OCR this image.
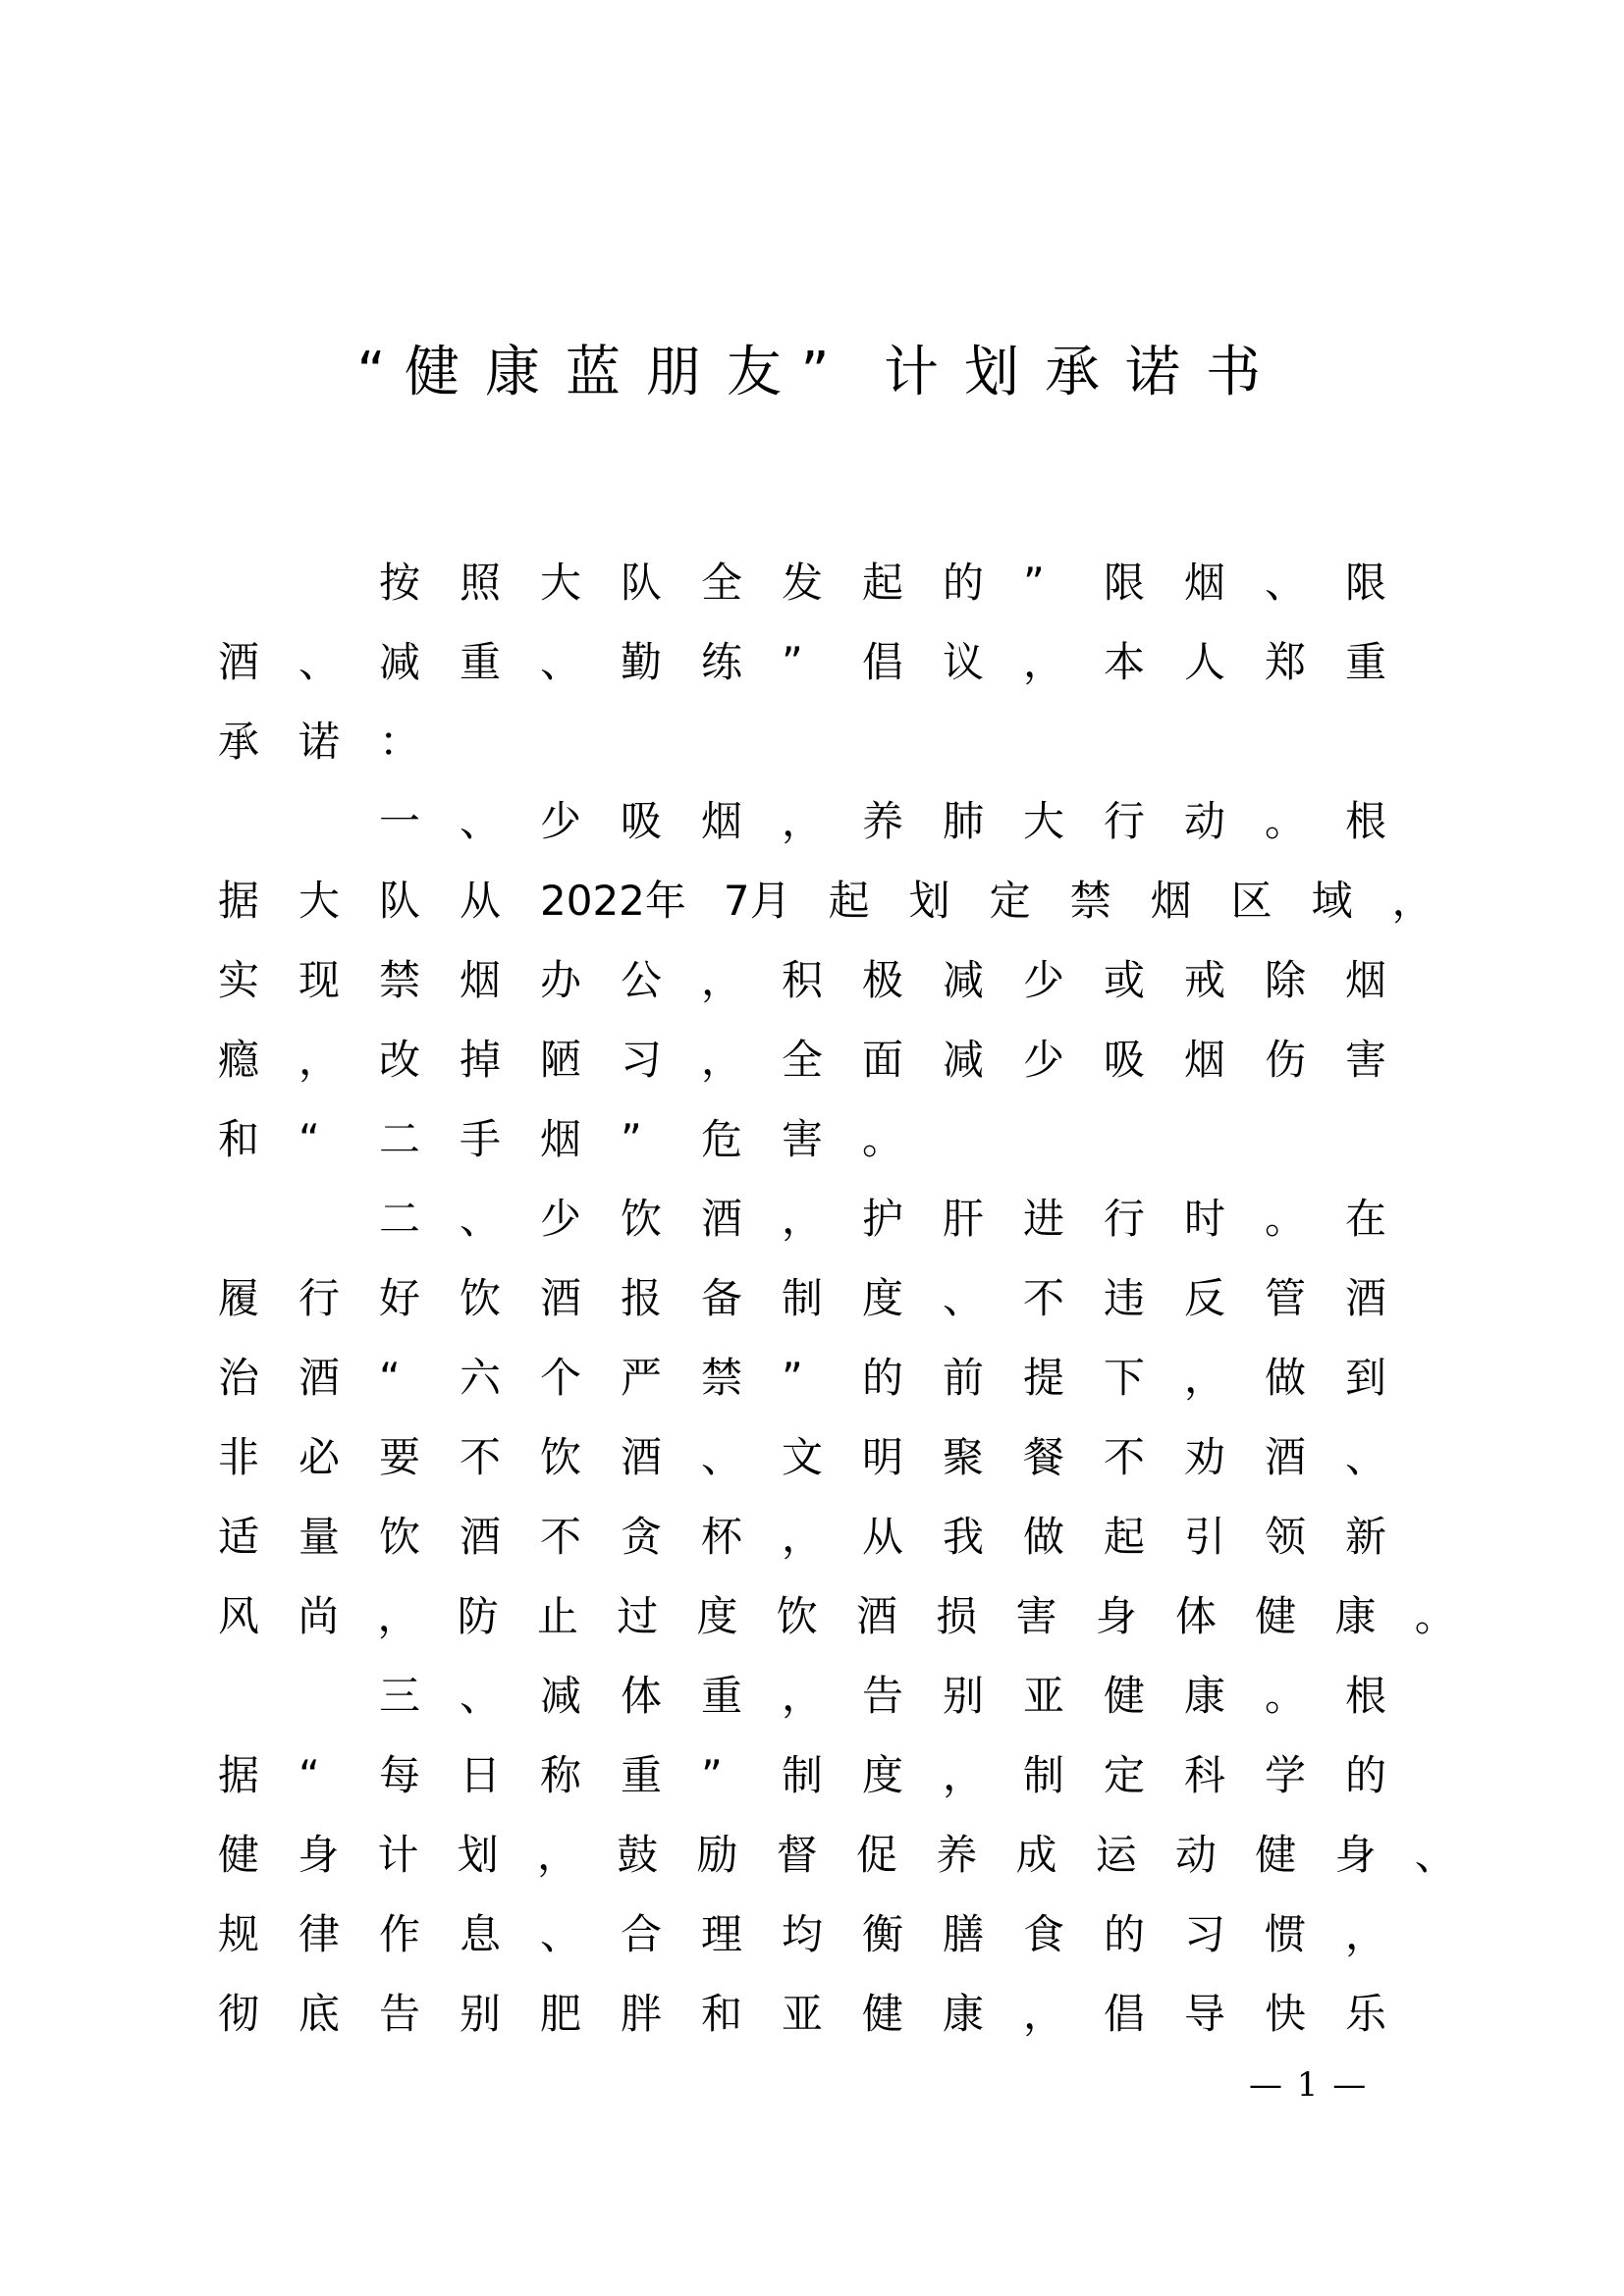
“ 健 康 蓝 朋 友 ” 计 划 承 诺 书
按 照 大 队 全 发 起 的 ”	限 烟 、 限
酒 、 减 重 、 勤 练 ”	倡 议 ， 本 人 郑 重
承 诺 ：
一 、 少 吸 烟 ， 养 肺 大 行 动 。 根
据 大 队 从 2022年 7月 起 划 定 禁 烟 区 域 ，
实 现 禁 烟 办 公 ， 积 极 减 少 或 戒 除 烟
瘾 ， 改 掉 陋 习 ， 全 面 减 少 吸 烟 伤 害
和 “	二 手 烟 ”	危 害 。
二 、 少 饮 酒 ， 护 肝 进 行 时 。 在
履 行 好 饮 酒 报 备 制 度 、 不 违 反 管 酒
治 酒 “	六 个 严 禁 ”	的 前 提 下 ， 做 到
非 必 要 不 饮 酒 、 文 明 聚 餐 不 劝 酒 、
适 量 饮 酒 不 贪 杯 ， 从 我 做 起 引 领 新
风 尚 ， 防 止 过 度 饮 酒 损 害 身 体 健 康 。
三 、 减 体 重 ， 告 别 亚 健 康 。 根
据 “	每 日 称 重 ”	制 度 ， 制 定 科 学 的
健 身 计 划 ， 鼓 励 督 促 养 成 运 动 健 身 、
规 律 作 息 、 合 理 均 衡 膳 食 的 习 惯 ，
彻 底 告 别 肥 胖 和 亚 健 康 ， 倡 导 快 乐
— 1 —
